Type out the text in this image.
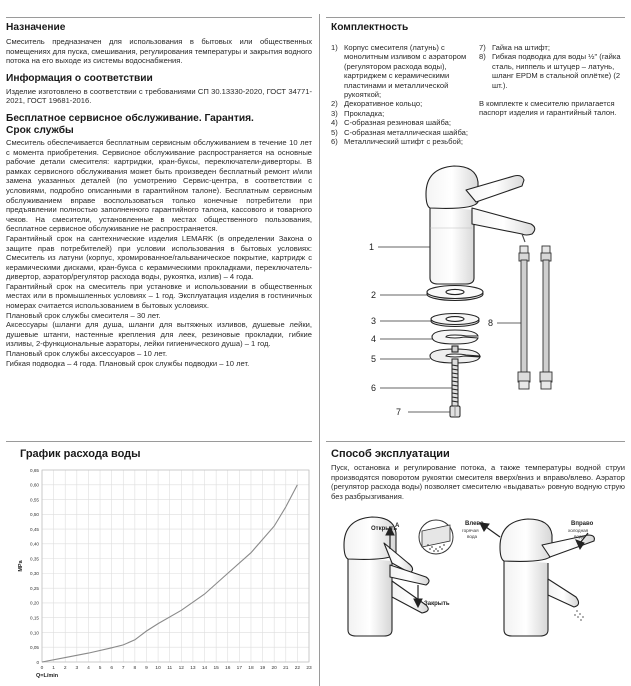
Назначение

Смеситель предназначен для использования в бытовых или общественных помещениях для пуска, смешивания, регулирования температуры и закрытия водного потока на его выходе из системы водоснабжения.

Информация о соответствии

Изделие изготовлено в соответствии с требованиями СП 30.13330-2020, ГОСТ 34771-2021, ГОСТ 19681-2016.

Бесплатное сервисное обслуживание. Гарантия.
Срок службы

Смеситель обеспечивается бесплатным сервисным обслуживанием в течение 10 лет с момента приобретения. Сервисное обслуживание распространяется на основные рабочие детали смесителя: картриджи, кран-буксы, переключатели-диверторы. В рамках сервисного обслуживания может быть произведен бесплатный ремонт и/или замена указанных деталей (по усмотрению Сервис-центра, в соответствии с условиями, подробно описанными в гарантийном талоне). Бесплатным сервисным обслуживанием вправе воспользоваться только конечные потребители при предъявлении полностью заполненного гарантийного талона, кассового и товарного чеков. На смесители, установленные в местах общественного пользования, бесплатное сервисное обслуживание не распространяется.

Гарантийный срок на сантехнические изделия LEMARK (в определении Закона о защите прав потребителей) при условии использования в бытовых условиях: Смеситель из латуни (корпус, хромированное/гальваническое покрытие, картридж с керамическими дисками, кран-букса с керамическими прокладками, переключатель-дивертор, аэратор/регулятор расхода воды, рукоятка, излив) – 4 года.

Гарантийный срок на смеситель при установке и использовании в общественных местах или в промышленных условиях – 1 год. Эксплуатация изделия в гостиничных номерах считается использованием в бытовых условиях.

Плановый срок службы смесителя – 30 лет.

Аксессуары (шланги для душа, шланги для вытяжных изливов, душевые лейки, душевые штанги, настенные крепления для леек, резиновые прокладки, гибкие изливы, 2-функциональные аэраторы, лейки гигиенического душа) – 1 год.

Плановый срок службы аксессуаров – 10 лет.

Гибкая подводка – 4 года. Плановый срок службы подводки – 10 лет.

Комплектность
1) Корпус смесителя (латунь) с монолитным изливом с аэратором (регулятором расхода воды), картриджем с керамическими пластинами и металлической рукояткой;
2) Декоративное кольцо;
3) Прокладка;
4) С-образная резиновая шайба;
5) С-образная металлическая шайба;
6) Металлический штифт с резьбой;
7) Гайка на штифт;
8) Гибкая подводка для воды ½" (гайка сталь, ниппель и штуцер – латунь, шланг EPDM в стальной оплётке) (2 шт.).

В комплекте к смесителю прилагается паспорт изделия и гарантийный талон.

1
2
3
4
5
6
7
8
График расхода воды
0
0,05
0,10
0,15
0,20
0,25
0,30
0,35
0,40
0,45
0,50
0,55
0,60
0,65
0 1 2 3 4 5 6 7 8 9 10 11 12 13 14 15 16 17 18 19 20 21 22 23
MPa
Q=L/min
Способ эксплуатации

Пуск, остановка и регулирование потока, а также температуры водной струи производятся поворотом рукоятки смесителя вверх/вниз и вправо/влево. Аэратор (регулятор расхода воды) позволяет смесителю «выдавать» ровную водную струю без разбрызгивания.

Открыть
A
Закрыть
Влево
горячая
вода
Вправо
холодная
вода
